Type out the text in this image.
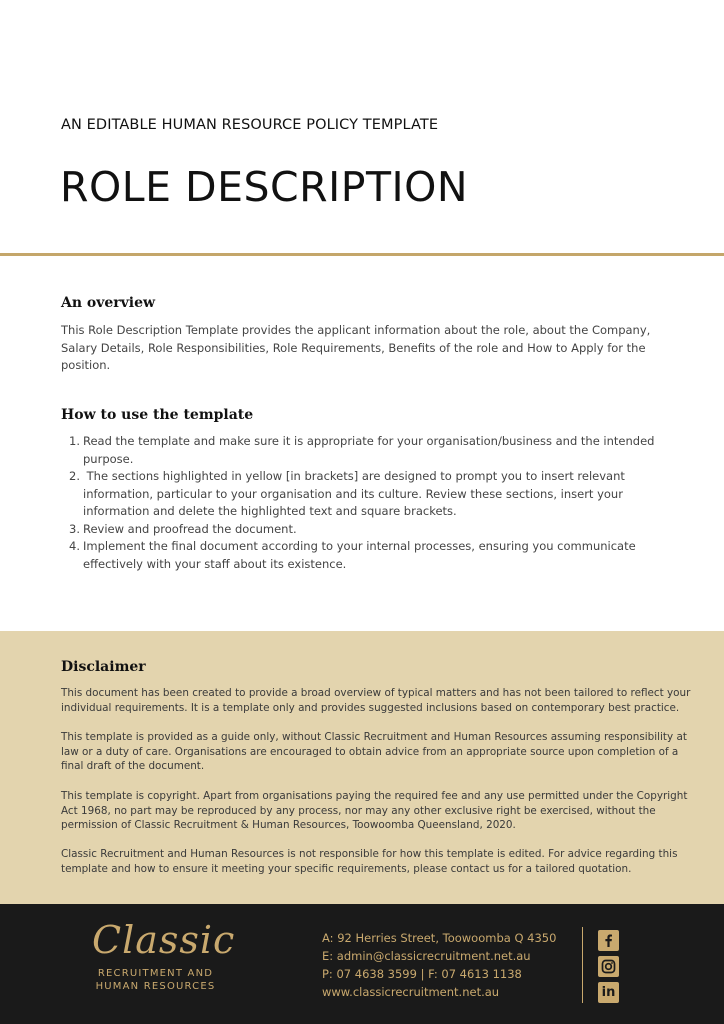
AN EDITABLE HUMAN RESOURCE POLICY TEMPLATE
ROLE DESCRIPTION
An overview
This Role Description Template provides the applicant information about the role, about the Company, Salary Details, Role Responsibilities, Role Requirements, Benefits of the role and How to Apply for the position.
How to use the template
1. Read the template and make sure it is appropriate for your organisation/business and the intended purpose.
2. The sections highlighted in yellow [in brackets] are designed to prompt you to insert relevant information, particular to your organisation and its culture. Review these sections, insert your information and delete the highlighted text and square brackets.
3. Review and proofread the document.
4. Implement the final document according to your internal processes, ensuring you communicate effectively with your staff about its existence.
Disclaimer
This document has been created to provide a broad overview of typical matters and has not been tailored to reflect your individual requirements. It is a template only and provides suggested inclusions based on contemporary best practice.
This template is provided as a guide only, without Classic Recruitment and Human Resources assuming responsibility at law or a duty of care. Organisations are encouraged to obtain advice from an appropriate source upon completion of a final draft of the document.
This template is copyright. Apart from organisations paying the required fee and any use permitted under the Copyright Act 1968, no part may be reproduced by any process, nor may any other exclusive right be exercised, without the permission of Classic Recruitment & Human Resources, Toowoomba Queensland, 2020.
Classic Recruitment and Human Resources is not responsible for how this template is edited. For advice regarding this template and how to ensure it meeting your specific requirements, please contact us for a tailored quotation.
Classic
RECRUITMENT AND
HUMAN RESOURCES
A: 92 Herries Street, Toowoomba Q 4350
E: admin@classicrecruitment.net.au
P: 07 4638 3599 | F: 07 4613 1138
www.classicrecruitment.net.au	in
